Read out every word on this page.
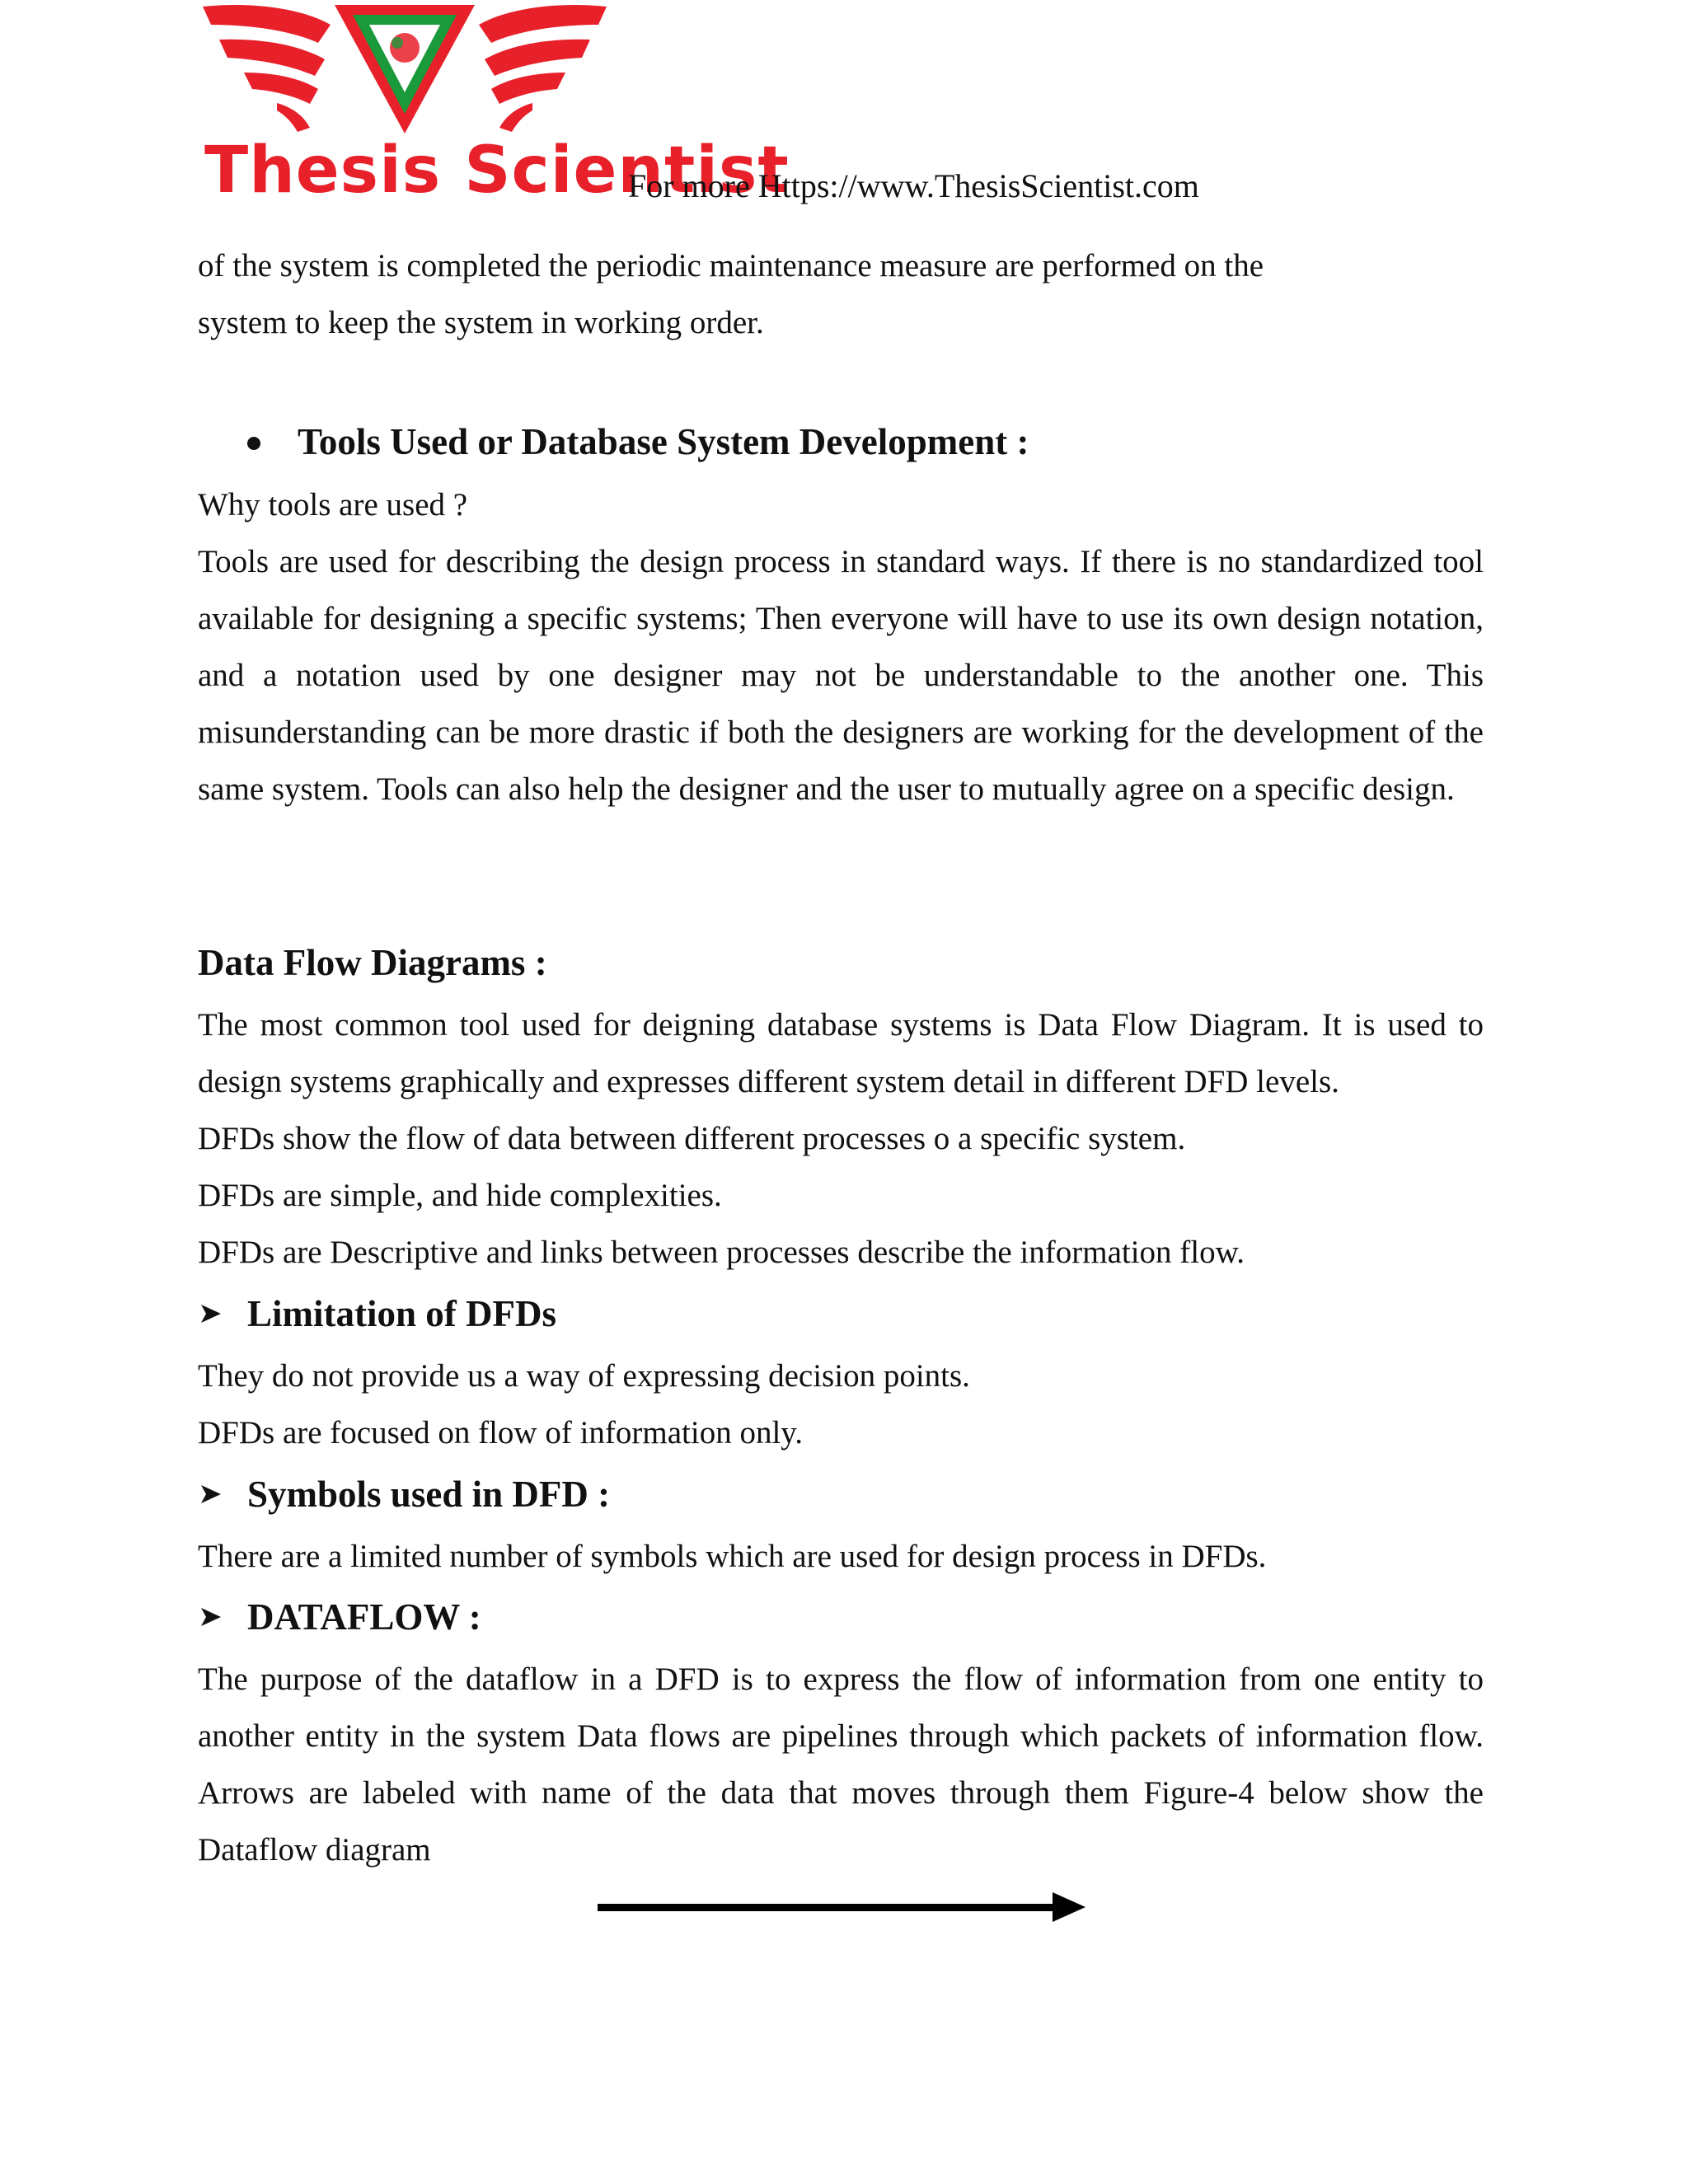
Thesis Scientist
For more Https://www.ThesisScientist.com

of the system is completed the periodic maintenance measure are performed on the

system to keep the system in working order.

Tools Used or Database System Development :

Why tools are used ?

Tools are used for describing the design process in standard ways. If there is no standardized tool available for designing a specific systems; Then everyone will have to use its own design notation, and a notation used by one designer may not be understandable to the another one. This misunderstanding can be more drastic if both the designers are working for the development of the same system. Tools can also help the designer and the user to mutually agree on a specific design.

Data Flow Diagrams :

The most common tool used for deigning database systems is Data Flow Diagram. It is used to design systems graphically and expresses different system detail in different DFD levels.

DFDs show the flow of data between different processes o a specific system.

DFDs are simple, and hide complexities.

DFDs are Descriptive and links between processes describe the information flow.

Limitation of DFDs

They do not provide us a way of expressing decision points.

DFDs are focused on flow of information only.

Symbols used in DFD :

There are a limited number of symbols which are used for design process in DFDs.

DATAFLOW :

The purpose of the dataflow in a DFD is to express the flow of information from one entity to another entity in the system Data flows are pipelines through which packets of information flow. Arrows are labeled with name of the data that moves through them Figure-4 below show the Dataflow diagram
